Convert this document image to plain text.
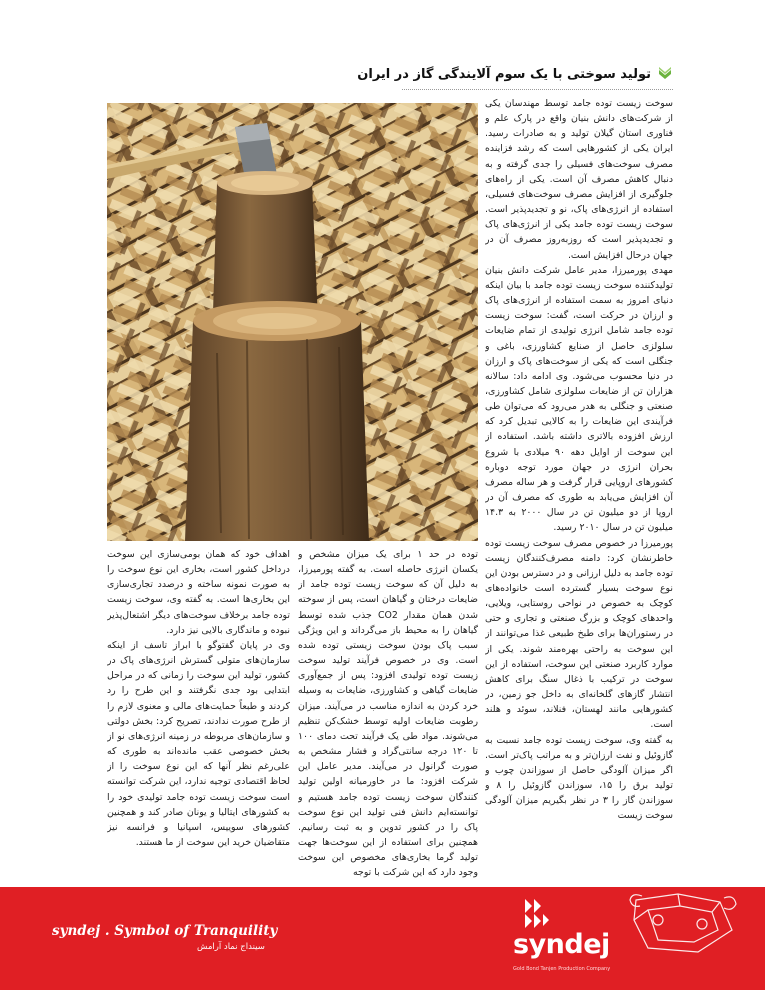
تولید سوختی با یک سوم آلایندگی گاز در ایران

سوخت زیست توده جامد توسط مهندسان یکی از شرکت‌های دانش بنیان واقع در پارک علم و فناوری استان گیلان تولید و به صادرات رسید. ایران یکی از کشورهایی است که رشد فزاینده مصرف سوخت‌های فسیلی را جدی گرفته و به دنبال کاهش مصرف آن است. یکی از راه‌های جلوگیری از افزایش مصرف سوخت‌های فسیلی، استفاده از انرژی‌های پاک، نو و تجدیدپذیر است. سوخت زیست توده جامد یکی از انرژی‌های پاک و تجدیدپذیر است که روزبه‌روز مصرف آن در جهان درحال افزایش است.

مهدی پورمیرزا، مدیر عامل شرکت دانش بنیان تولیدکننده سوخت زیست توده جامد با بیان اینکه دنیای امروز به سمت استفاده از انرژی‌های پاک و ارزان در حرکت است، گفت: سوخت زیست توده جامد شامل انرژی تولیدی از تمام ضایعات سلولزی حاصل از صنایع کشاورزی، باغی و جنگلی است که یکی از سوخت‌های پاک و ارزان در دنیا محسوب می‌شود. وی ادامه داد: سالانه هزاران تن از ضایعات سلولزی شامل کشاورزی، صنعتی و جنگلی به هدر می‌رود که می‌توان طی فرآیندی این ضایعات را به کالایی تبدیل کرد که ارزش افزوده بالاتری داشته باشد. استفاده از این سوخت از اوایل دهه ۹۰ میلادی با شروع بحران انرژی در جهان مورد توجه دوباره کشورهای اروپایی قرار گرفت و هر ساله مصرف آن افزایش می‌یابد به طوری که مصرف آن در اروپا از دو میلیون تن در سال ۲۰۰۰ به ۱۴.۳ میلیون تن در سال ۲۰۱۰ رسید.

پورمیرزا در خصوص مصرف سوخت زیست توده خاطرنشان کرد: دامنه مصرف‌کنندگان زیست توده جامد به دلیل ارزانی و در دسترس بودن این نوع سوخت بسیار گسترده است خانواده‌های کوچک به خصوص در نواحی روستایی، ویلایی، واحدهای کوچک و بزرگ صنعتی و تجاری و حتی در رستوران‌ها برای طبخ طبیعی غذا می‌توانند از این سوخت به راحتی بهره‌مند شوند. یکی از موارد کاربرد صنعتی این سوخت، استفاده از این سوخت در ترکیب با ذغال سنگ برای کاهش انتشار گازهای گلخانه‌ای به داخل جو زمین، در کشورهایی مانند لهستان، فنلاند، سوئد و هلند است.

به گفته وی، سوخت زیست توده جامد نسبت به گازوئیل و نفت ارزان‌تر و به مراتب پاک‌تر است. اگر میزان آلودگی حاصل از سوزاندن چوب و تولید برق را ۱۵، سوزاندن گازوئیل را ۸ و سوزاندن گاز را ۳ در نظر بگیریم میزان آلودگی سوخت زیست

توده در حد ۱ برای یک میزان مشخص و یکسان انرژی حاصله است. به گفته پورمیرزا، به دلیل آن که سوخت زیست توده جامد از ضایعات درختان و گیاهان است، پس از سوخته شدن همان مقدار CO2 جذب شده توسط گیاهان را به محیط باز می‌گرداند و این ویژگی سبب پاک بودن سوخت زیستی توده شده است. وی در خصوص فرآیند تولید سوخت زیست توده تولیدی افزود: پس از جمع‌آوری ضایعات گیاهی و کشاورزی، ضایعات به وسیله خرد کردن به اندازه مناسب در می‌آیند. میزان رطوبت ضایعات اولیه توسط خشک‌کن تنظیم می‌شوند. مواد طی یک فرآیند تحت دمای ۱۰۰ تا ۱۲۰ درجه سانتی‌گراد و فشار مشخص به صورت گرانول در می‌آیند. مدیر عامل این شرکت افزود: ما در خاورمیانه اولین تولید کنندگان سوخت زیست توده جامد هستیم و توانسته‌ایم دانش فنی تولید این نوع سوخت پاک را در کشور تدوین و به ثبت رسانیم. همچنین برای استفاده از این سوخت‌ها جهت تولید گرما بخاری‌های مخصوص این سوخت وجود دارد که این شرکت با توجه

اهداف خود که همان بومی‌سازی این سوخت درداخل کشور است، بخاری این نوع سوخت را به صورت نمونه ساخته و درصدد تجاری‌سازی این بخاری‌ها است. به گفته وی، سوخت زیست توده جامد برخلاف سوخت‌های دیگر اشتعال‌پذیر نبوده و ماندگاری بالایی نیز دارد.

وی در پایان گفتوگو با ابراز تاسف از اینکه سازمان‌های متولی گسترش انرژی‌های پاک در کشور، تولید این سوخت را زمانی که در مراحل ابتدایی بود جدی نگرفتند و این طرح را رد کردند و طبعاً حمایت‌های مالی و معنوی لازم را از طرح صورت ندادند، تصریح کرد: بخش دولتی و سازمان‌های مربوطه در زمینه انرژی‌های نو از بخش خصوصی عقب مانده‌اند به طوری که علی‌رغم نظر آنها که این نوع سوخت را از لحاظ اقتصادی توجیه ندارد، این شرکت توانسته است سوخت زیست توده جامد تولیدی خود را به کشورهای ایتالیا و یونان صادر کند و همچنین کشورهای سوییس، اسپانیا و فرانسه نیز متقاضیان خرید این سوخت از ما هستند.

syndej . Symbol of Tranquility
سینداج نماد آرامش	syndej
Gold Bond Tanjen Production Company
